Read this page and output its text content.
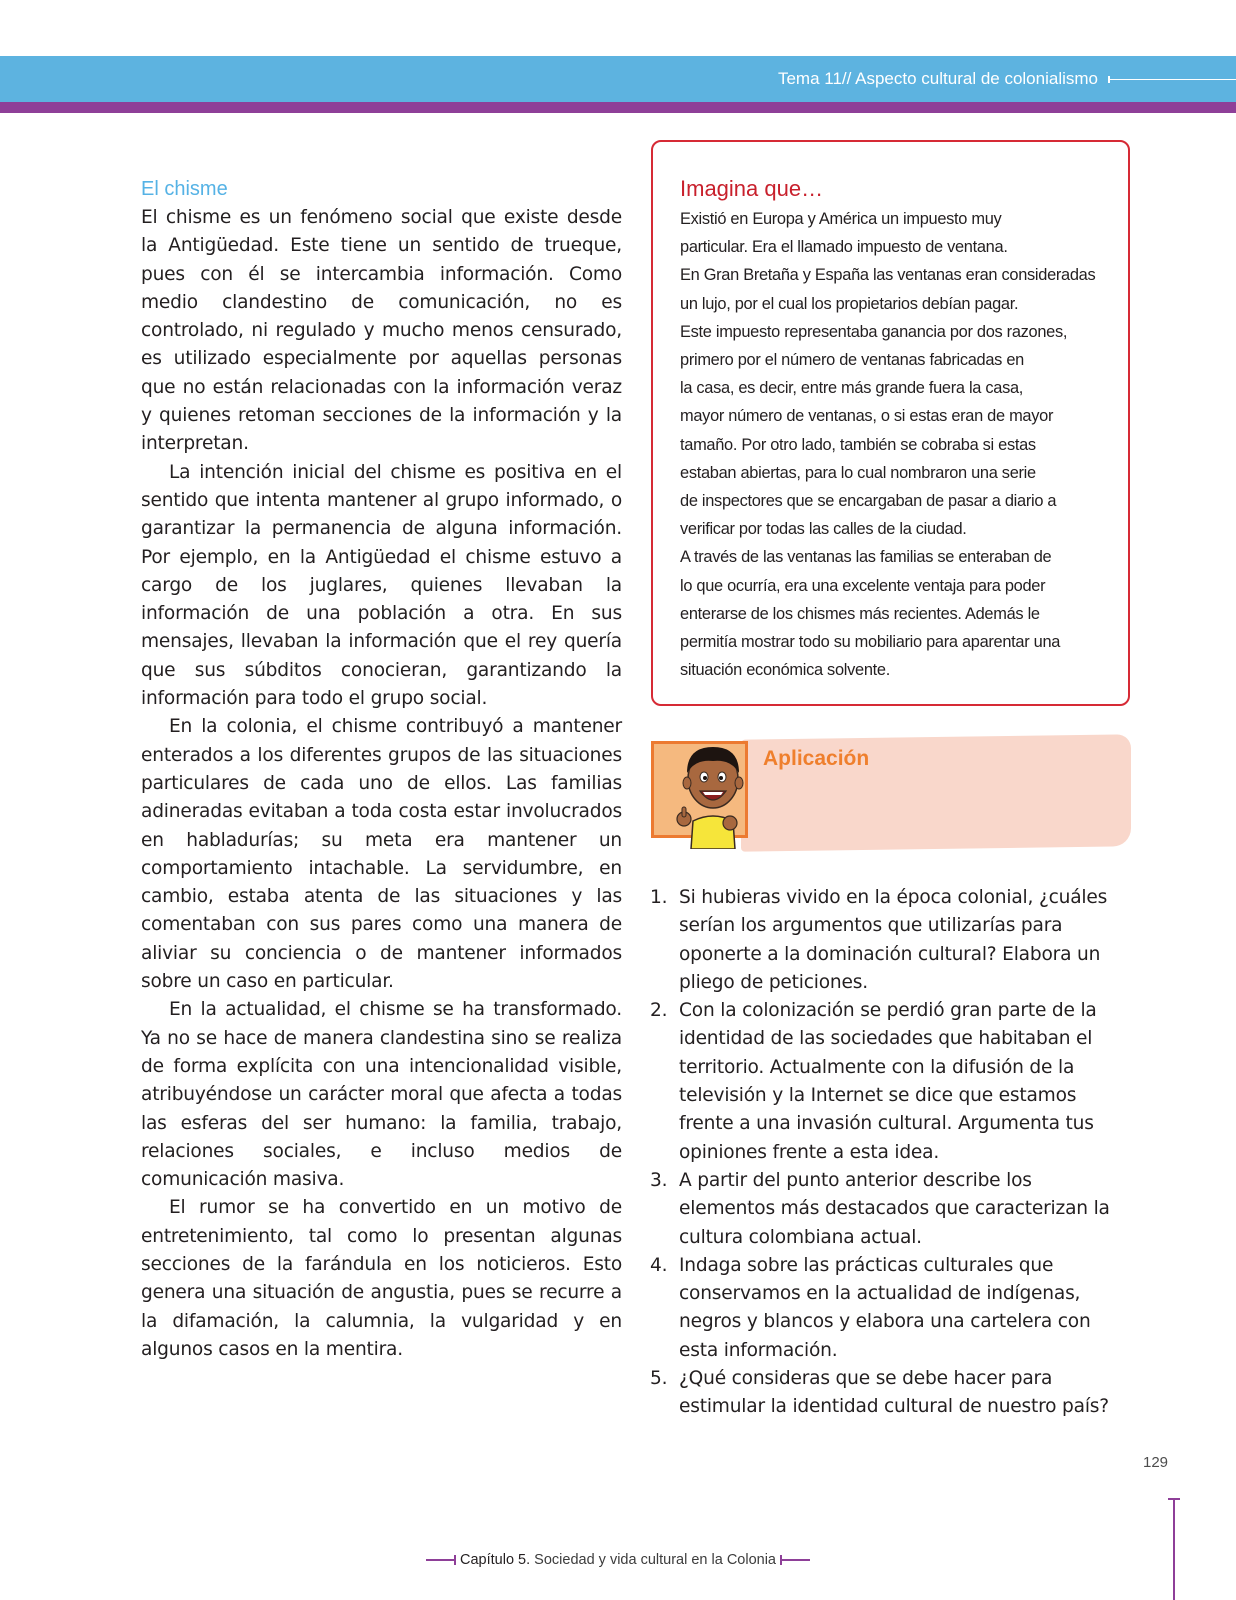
Tema 11// Aspecto cultural de colonialismo
El chisme

El chisme es un fenómeno social que existe desde la Antigüedad. Este tiene un sentido de trueque, pues con él se intercambia información. Como medio clandestino de comunicación, no es controlado, ni regulado y mucho menos censurado, es utilizado especialmente por aquellas personas que no están relacionadas con la información veraz y quienes retoman secciones de la información y la interpretan.

La intención inicial del chisme es positiva en el sentido que intenta mantener al grupo informado, o garantizar la permanencia de alguna información. Por ejemplo, en la Antigüedad el chisme estuvo a cargo de los juglares, quienes llevaban la información de una población a otra. En sus mensajes, llevaban la información que el rey quería que sus súbditos conocieran, garantizando la información para todo el grupo social.

En la colonia, el chisme contribuyó a mantener enterados a los diferentes grupos de las situaciones particulares de cada uno de ellos. Las familias adineradas evitaban a toda costa estar involucrados en habladurías; su meta era mantener un comportamiento intachable. La servidumbre, en cambio, estaba atenta de las situaciones y las comentaban con sus pares como una manera de aliviar su conciencia o de mantener informados sobre un caso en particular.

En la actualidad, el chisme se ha transformado. Ya no se hace de manera clandestina sino se realiza de forma explícita con una intencionalidad visible, atribuyéndose un carácter moral que afecta a todas las esferas del ser humano: la familia, trabajo, relaciones sociales, e incluso medios de comunicación masiva.

El rumor se ha convertido en un motivo de entretenimiento, tal como lo presentan algunas secciones de la farándula en los noticieros. Esto genera una situación de angustia, pues se recurre a la difamación, la calumnia, la vulgaridad y en algunos casos en la mentira.

Imagina que…
Existió en Europa y América un impuesto muy
particular. Era el llamado impuesto de ventana.
En Gran Bretaña y España las ventanas eran consideradas
un lujo, por el cual los propietarios debían pagar.
Este impuesto representaba ganancia por dos razones,
primero por el número de ventanas fabricadas en
la casa, es decir, entre más grande fuera la casa,
mayor número de ventanas, o si estas eran de mayor
tamaño. Por otro lado, también se cobraba si estas
estaban abiertas, para lo cual nombraron una serie
de inspectores que se encargaban de pasar a diario a
verificar por todas las calles de la ciudad.
A través de las ventanas las familias se enteraban de
lo que ocurría, era una excelente ventaja para poder
enterarse de los chismes más recientes. Además le
permitía mostrar todo su mobiliario para aparentar una
situación económica solvente.
Aplicación
1. Si hubieras vivido en la época colonial, ¿cuáles serían los argumentos que utilizarías para oponerte a la dominación cultural? Elabora un pliego de peticiones.
2. Con la colonización se perdió gran parte de la identidad de las sociedades que habitaban el territorio. Actualmente con la difusión de la televisión y la Internet se dice que estamos frente a una invasión cultural. Argumenta tus opiniones frente a esta idea.
3. A partir del punto anterior describe los elementos más destacados que caracterizan la cultura colombiana actual.
4. Indaga sobre las prácticas culturales que conservamos en la actualidad de indígenas, negros y blancos y elabora una cartelera con esta información.
5. ¿Qué consideras que se debe hacer para estimular la identidad cultural de nuestro país?
129
Capítulo 5. Sociedad y vida cultural en la Colonia
